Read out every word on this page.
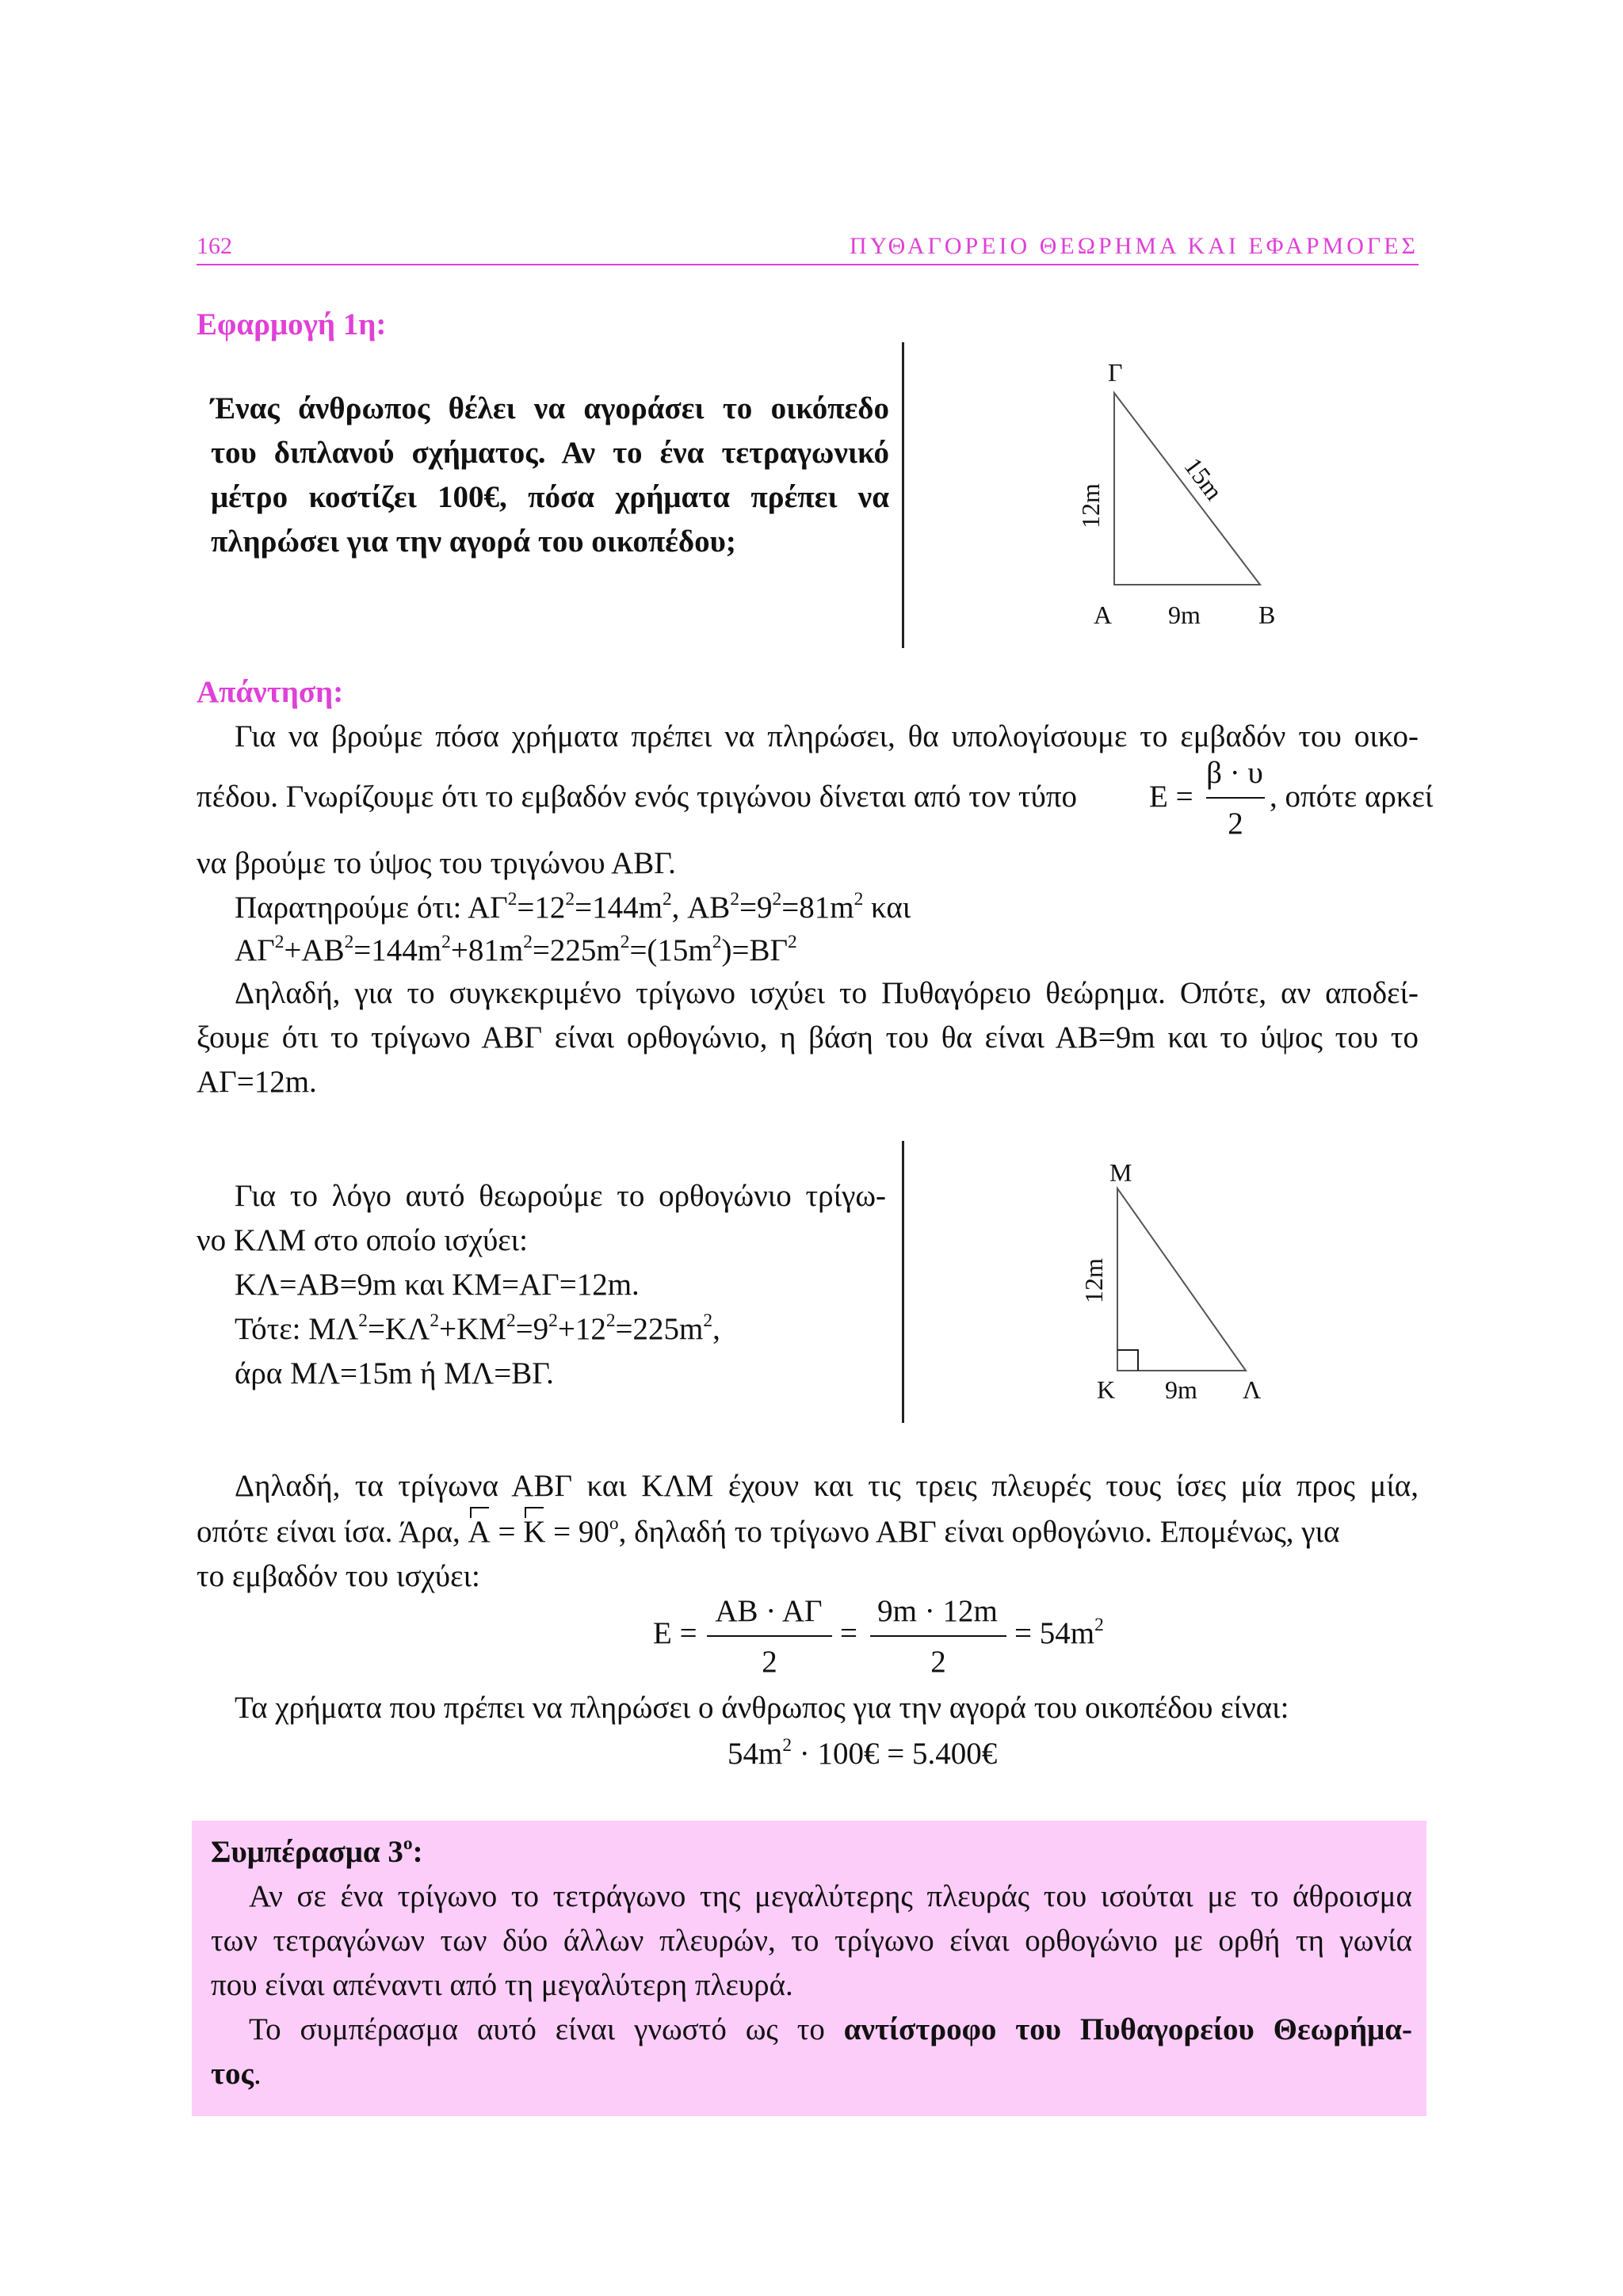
162	ΠΥΘΑΓΟΡΕΙΟ ΘΕΩΡΗΜΑ ΚΑΙ ΕΦΑΡΜΟΓΕΣ
Εφαρμογή 1η:
Ένας άνθρωπος θέλει να αγοράσει το οικόπεδο
του διπλανού σχήματος. Αν το ένα τετραγωνικό
μέτρο κοστίζει 100€, πόσα χρήματα πρέπει να
πληρώσει για την αγορά του οικοπέδου;
Γ
Α	Β
9m
12m
15m
Απάντηση:
Για να βρούμε πόσα χρήματα πρέπει να πληρώσει, θα υπολογίσουμε το εμβαδόν του οικο-
πέδου. Γνωρίζουμε ότι το εμβαδόν ενός τριγώνου δίνεται από τον τύπο Ε =
β · υ
2
, οπότε αρκεί
να βρούμε το ύψος του τριγώνου ΑΒΓ.
Παρατηρούμε ότι: $A\Gamma^2=12^2=144m^2$, $AB^2=9^2=81m^2$ και
$A\Gamma^2+AB^2=144m^2+81m^2=225m^2=(15m^2)=B\Gamma^2$
Δηλαδή, για το συγκεκριμένο τρίγωνο ισχύει το Πυθαγόρειο θεώρημα. Οπότε, αν αποδεί-
ξουμε ότι το τρίγωνο ΑΒΓ είναι ορθογώνιο, η βάση του θα είναι ΑΒ=9m και το ύψος του το
ΑΓ=12m.
Για το λόγο αυτό θεωρούμε το ορθογώνιο τρίγω-
νο ΚΛΜ στο οποίο ισχύει:
ΚΛ=ΑΒ=9m και ΚΜ=ΑΓ=12m.
Τότε: $M\Lambda^2=K\Lambda^2+KM^2=9^2+12^2=225m^2$,
άρα ΜΛ=15m ή ΜΛ=ΒΓ.
Μ
Κ	Λ
9m
12m
Δηλαδή, τα τρίγωνα ΑΒΓ και ΚΛΜ έχουν και τις τρεις πλευρές τους ίσες μία προς μία,
οπότε είναι ίσα. Άρα, $A = K = 90^o$, δηλαδή το τρίγωνο ΑΒΓ είναι ορθογώνιο. Επομένως, για
το εμβαδόν του ισχύει:
Ε =
ΑΒ · ΑΓ
2
=
9m · 12m
2
= $54m^2$
Τα χρήματα που πρέπει να πληρώσει ο άνθρωπος για την αγορά του οικοπέδου είναι:
$54m^2$ · 100€ = 5.400€
Συμπέρασμα $3^o$:
Αν σε ένα τρίγωνο το τετράγωνο της μεγαλύτερης πλευράς του ισούται με το άθροισμα
των τετραγώνων των δύο άλλων πλευρών, το τρίγωνο είναι ορθογώνιο με ορθή τη γωνία
που είναι απέναντι από τη μεγαλύτερη πλευρά.
Το συμπέρασμα αυτό είναι γνωστό ως το αντίστροφο του Πυθαγορείου Θεωρήμα-
τος.
